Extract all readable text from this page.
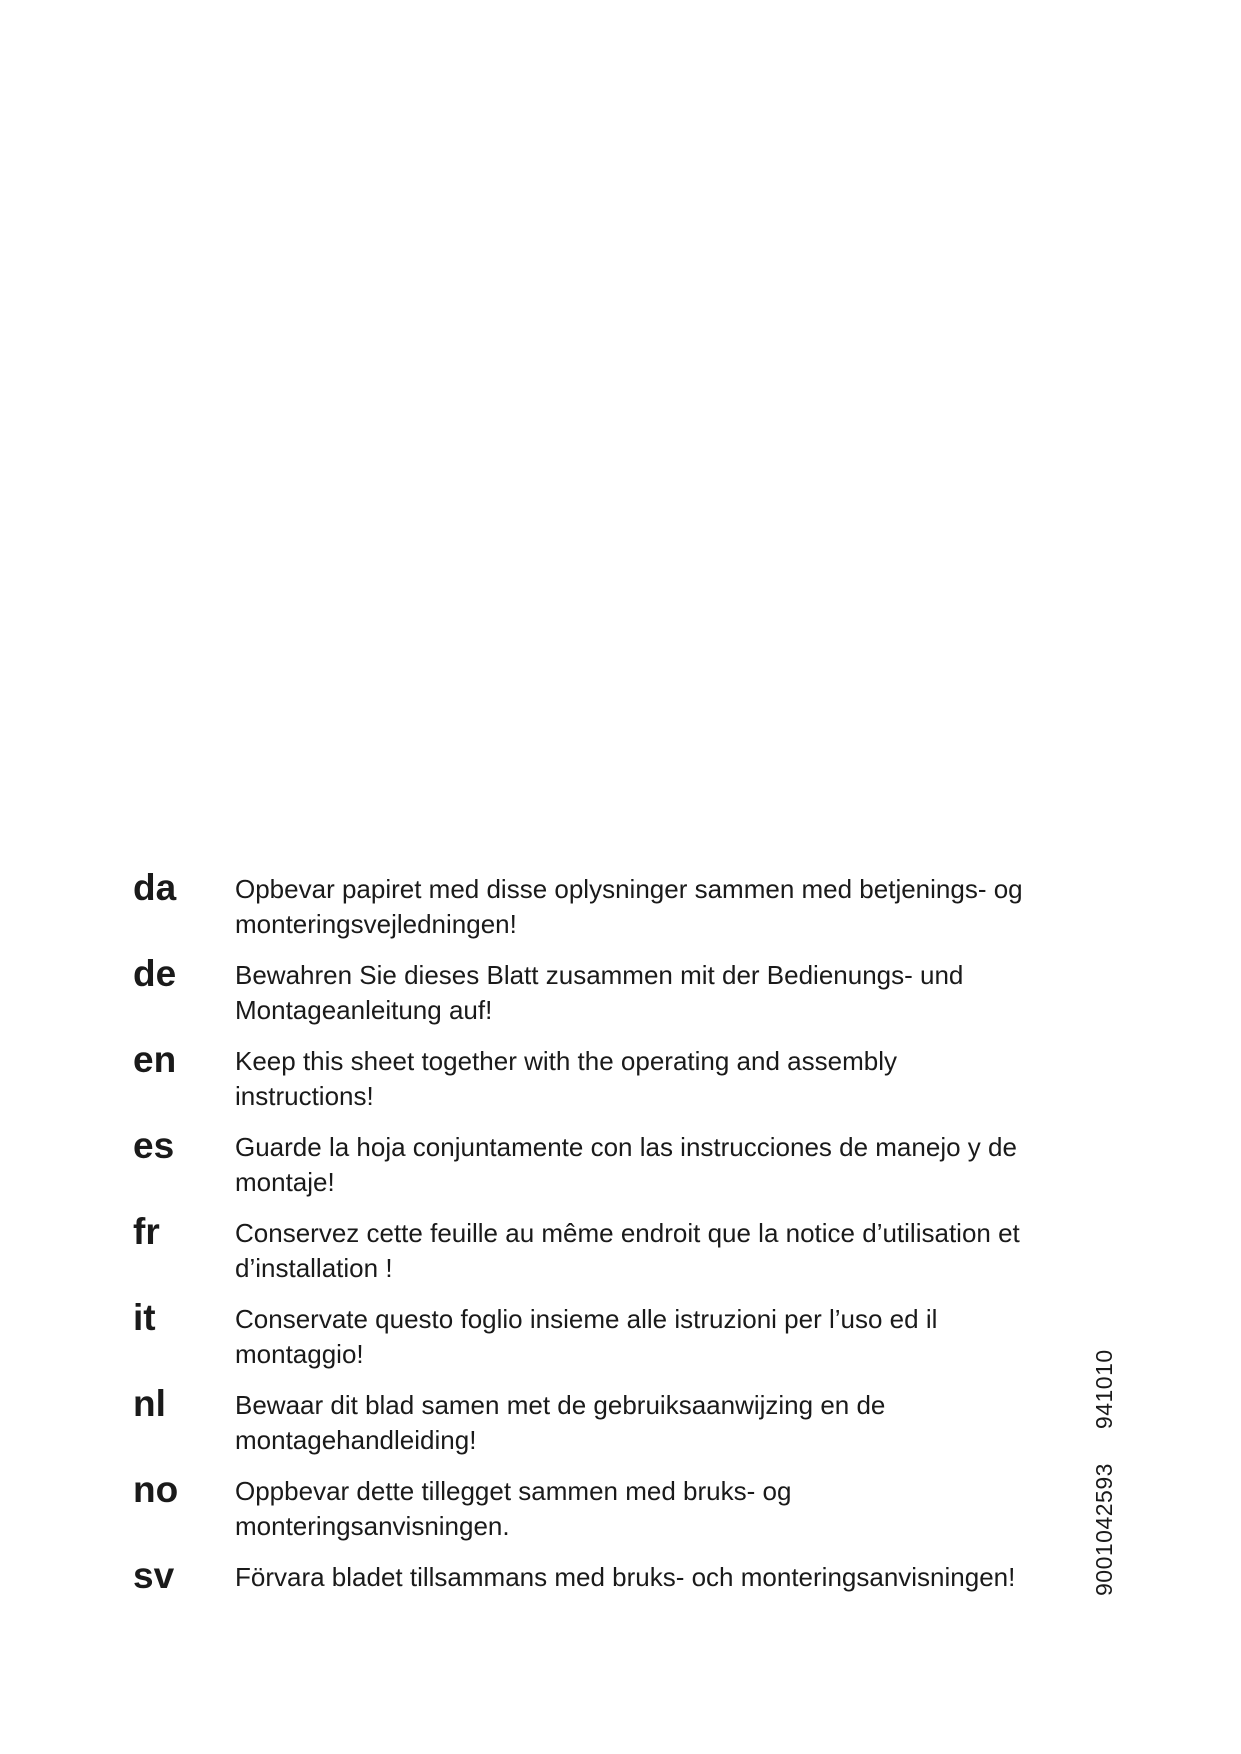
da	Opbevar papiret med disse oplysninger sammen med betjenings- og
monteringsvejledningen!
de	Bewahren Sie dieses Blatt zusammen mit der Bedienungs- und
Montageanleitung auf!
en	Keep this sheet together with the operating and assembly
instructions!
es	Guarde la hoja conjuntamente con las instrucciones de manejo y de
montaje!
fr	Conservez cette feuille au même endroit que la notice d’utilisation et
d’installation !
it	Conservate questo foglio insieme alle istruzioni per l’uso ed il
montaggio!
nl	Bewaar dit blad samen met de gebruiksaanwijzing en de
montagehandleiding!
no	Oppbevar dette tillegget sammen med bruks- og
monteringsanvisningen.
sv	Förvara bladet tillsammans med bruks- och monteringsanvisningen!	9001042593941010
